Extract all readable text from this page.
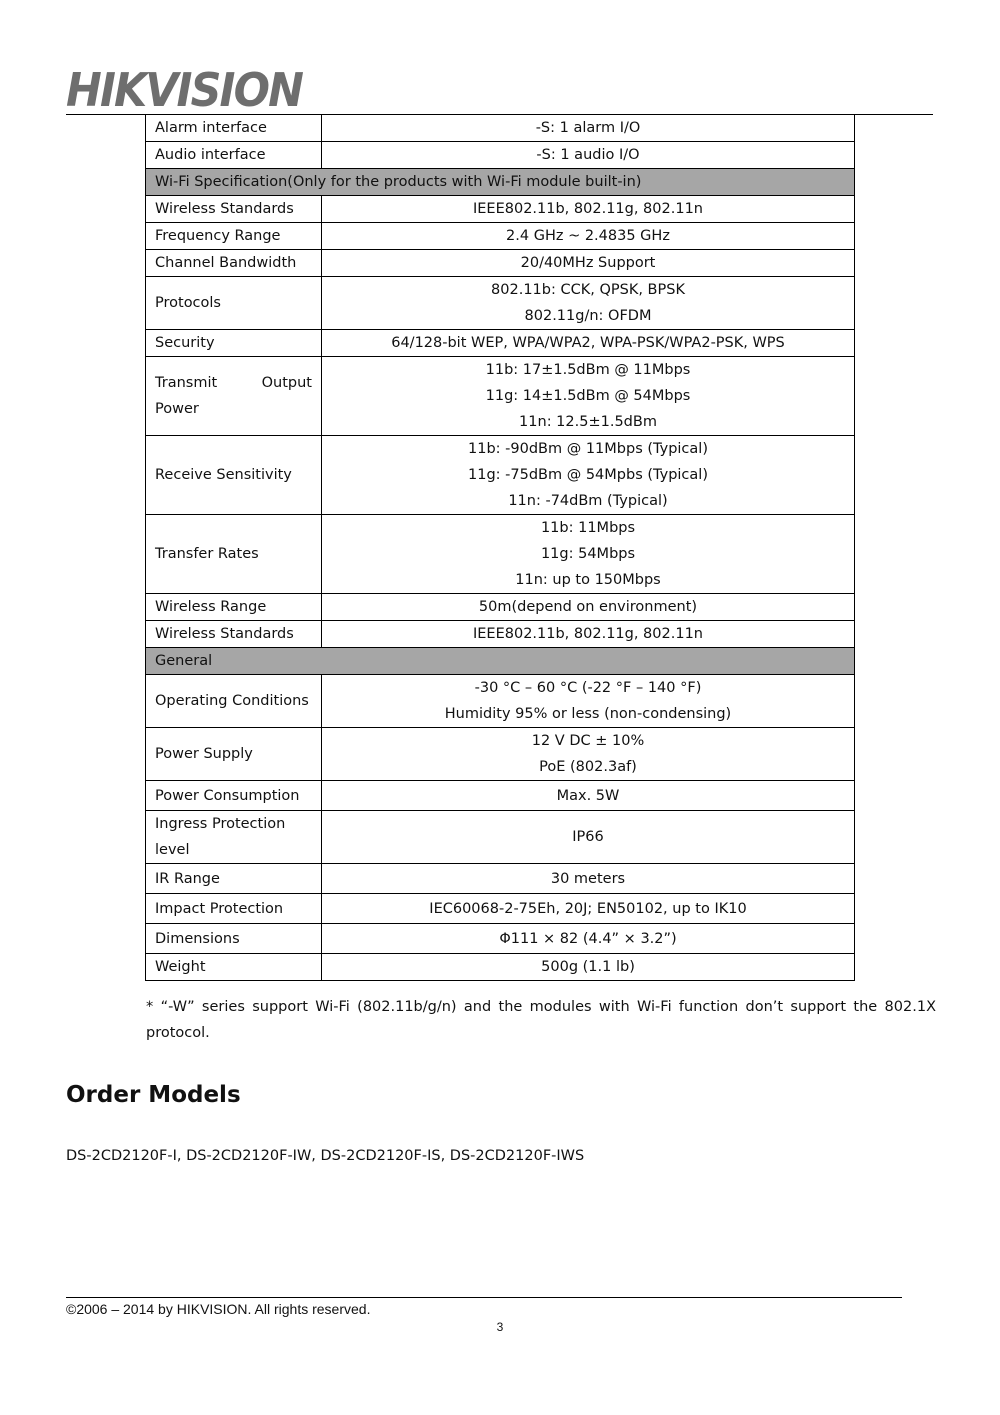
HIKVISION
Alarm interface	-S: 1 alarm I/O

Audio interface	-S: 1 audio I/O

Wi-Fi Specification(Only for the products with Wi-Fi module built-in)	
Wireless Standards	IEEE802.11b, 802.11g, 802.11n

Frequency Range	2.4 GHz ~ 2.4835 GHz

Channel Bandwidth	20/40MHz Support

Protocols	802.11b: CCK, QPSK, BPSK
802.11g/n: OFDM

Security	64/128-bit WEP, WPA/WPA2, WPA-PSK/WPA2-PSK, WPS

Transmit Output Power	11b: 17±1.5dBm @ 11Mbps
11g: 14±1.5dBm @ 54Mbps
11n: 12.5±1.5dBm

Receive Sensitivity	11b: -90dBm @ 11Mbps (Typical)
11g: -75dBm @ 54Mpbs (Typical)
11n: -74dBm (Typical)

Transfer Rates	11b: 11Mbps
11g: 54Mbps
11n: up to 150Mbps

Wireless Range	50m(depend on environment)

Wireless Standards	IEEE802.11b, 802.11g, 802.11n

General	
Operating Conditions	-30 °C – 60 °C (-22 °F – 140 °F)
Humidity 95% or less (non-condensing)

Power Supply	12 V DC ± 10%
PoE (802.3af)

Power Consumption	Max. 5W

Ingress Protection level	IP66

IR Range	30 meters

Impact Protection	IEC60068-2-75Eh, 20J; EN50102, up to IK10

Dimensions	Φ111 × 82 (4.4” × 3.2”)

Weight	500g (1.1 lb)

* “-W” series support Wi-Fi (802.11b/g/n) and the modules with Wi-Fi function don’t support the 802.1X protocol.

Order Models

DS-2CD2120F-I, DS-2CD2120F-IW, DS-2CD2120F-IS, DS-2CD2120F-IWS

©2006 – 2014 by HIKVISION. All rights reserved.

3
